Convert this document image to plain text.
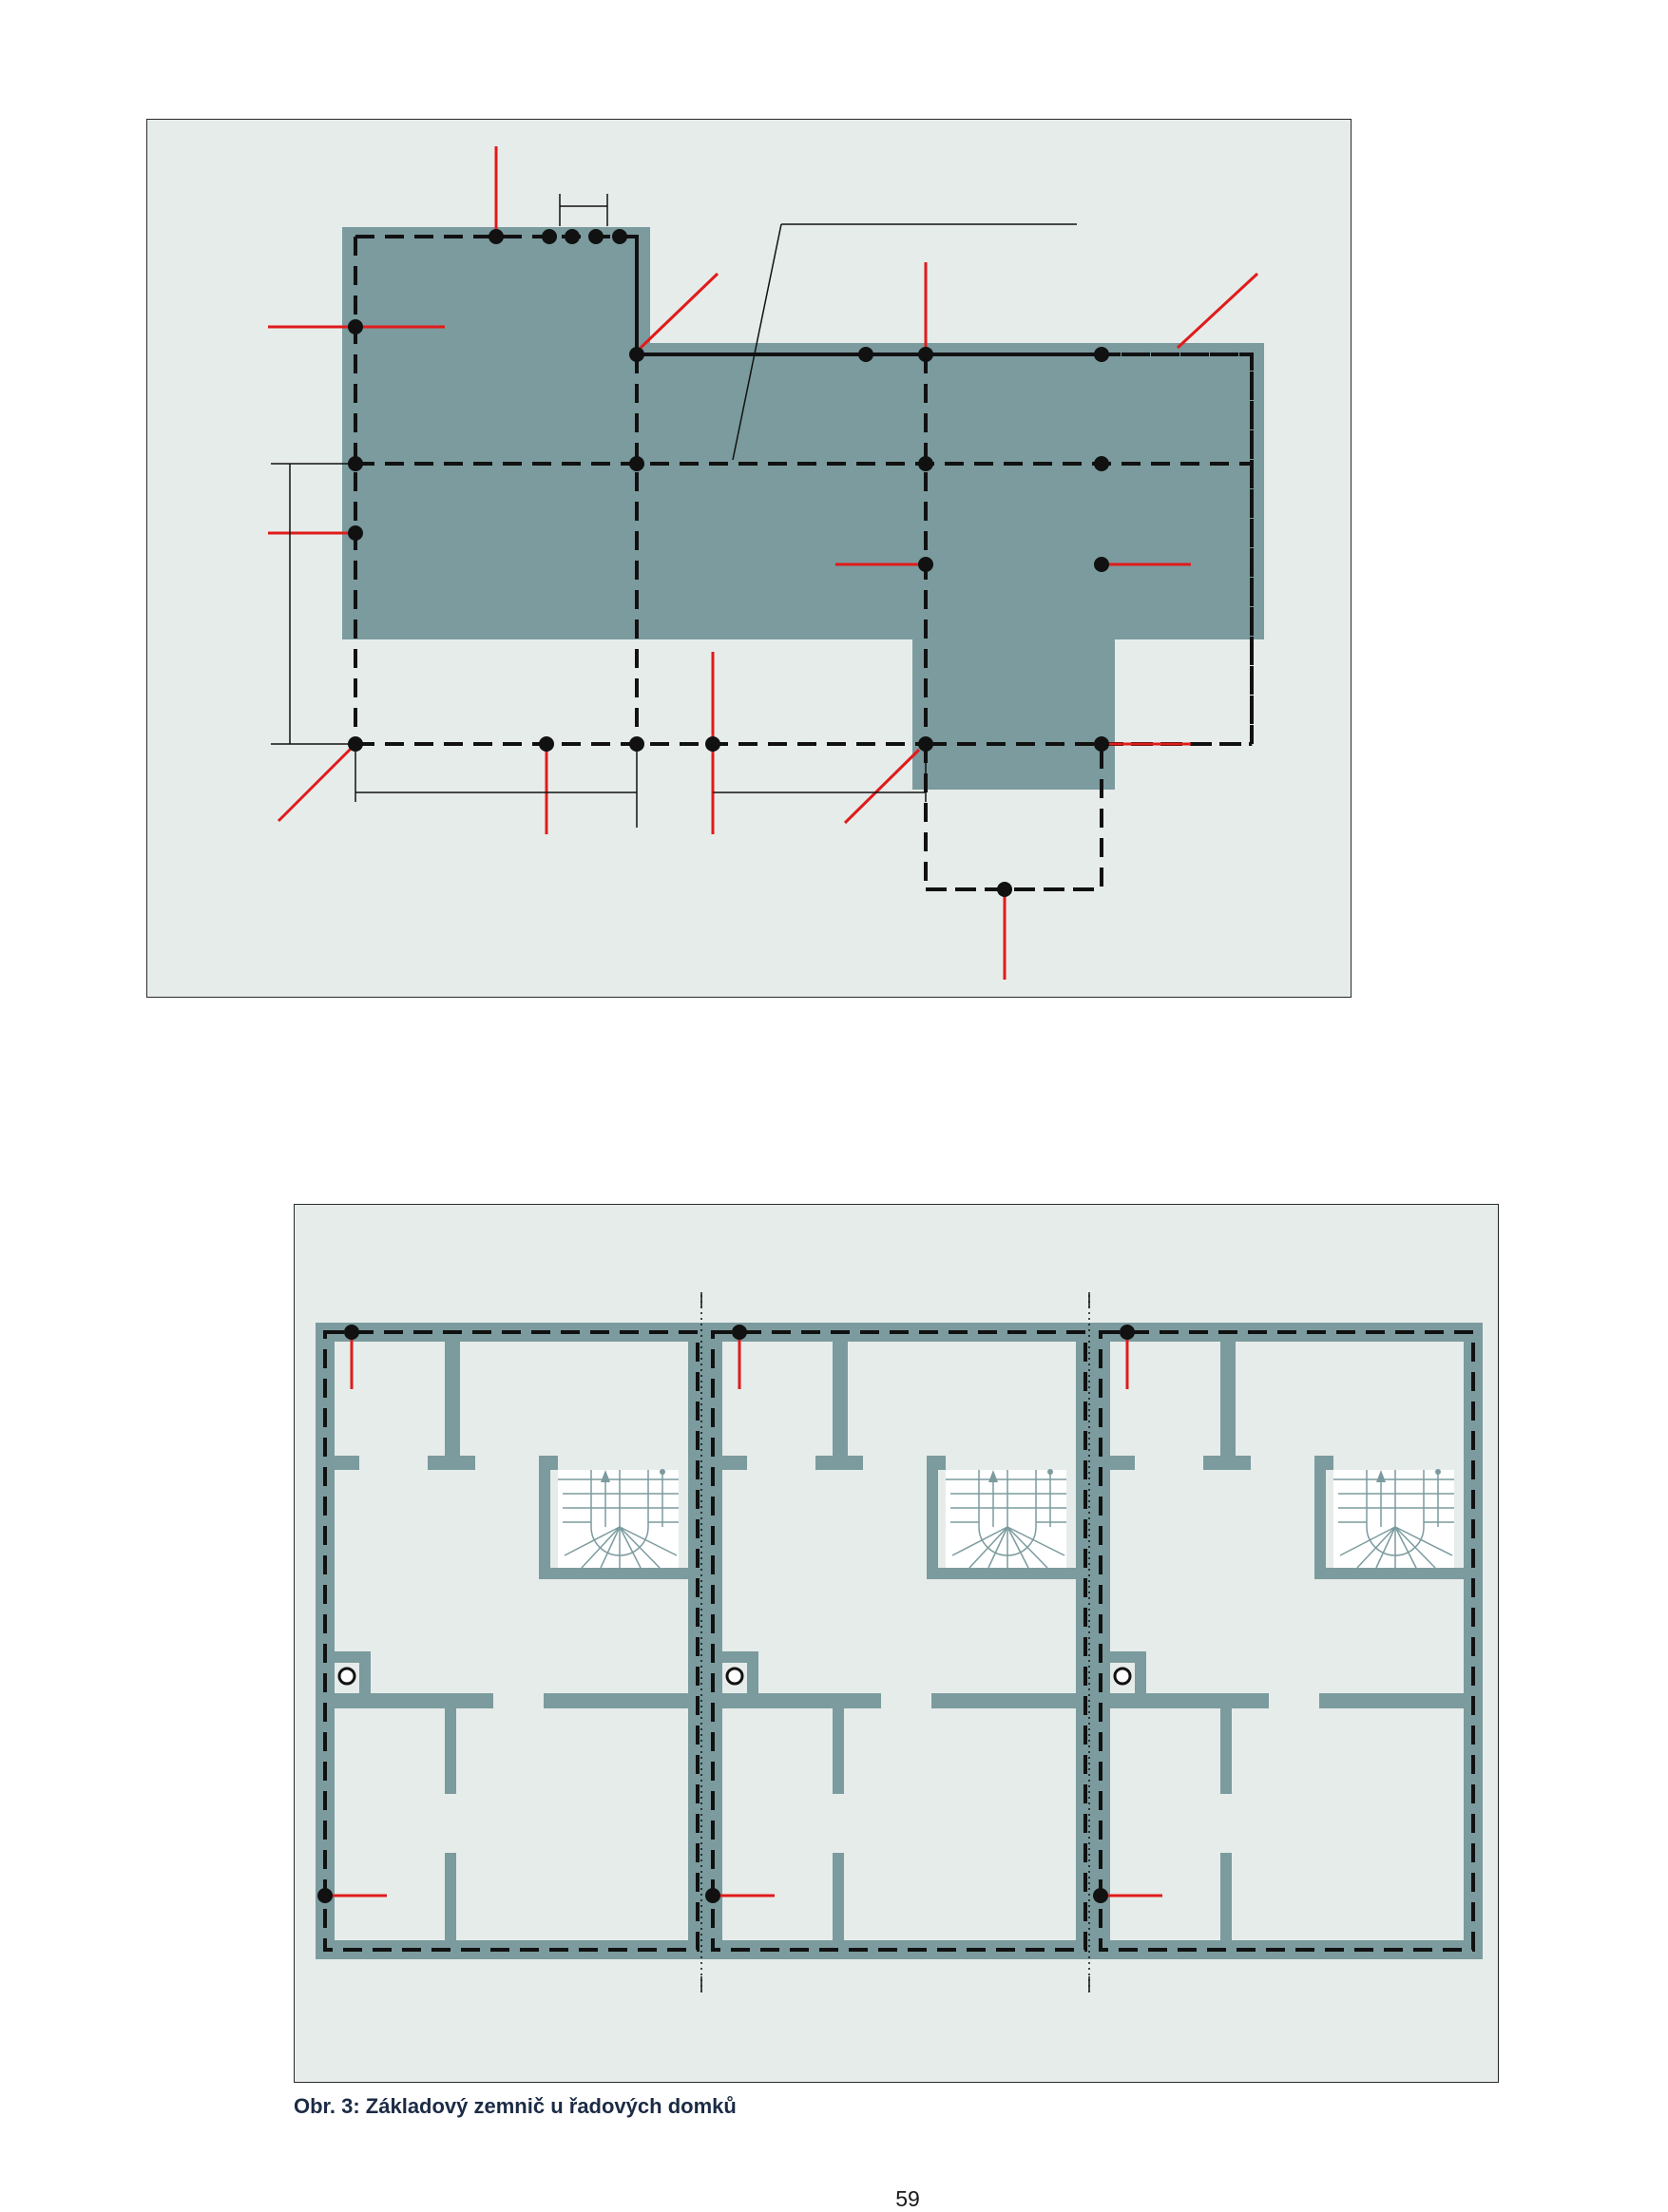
Obr. 3: Základový zemnič u řadových domků
59
